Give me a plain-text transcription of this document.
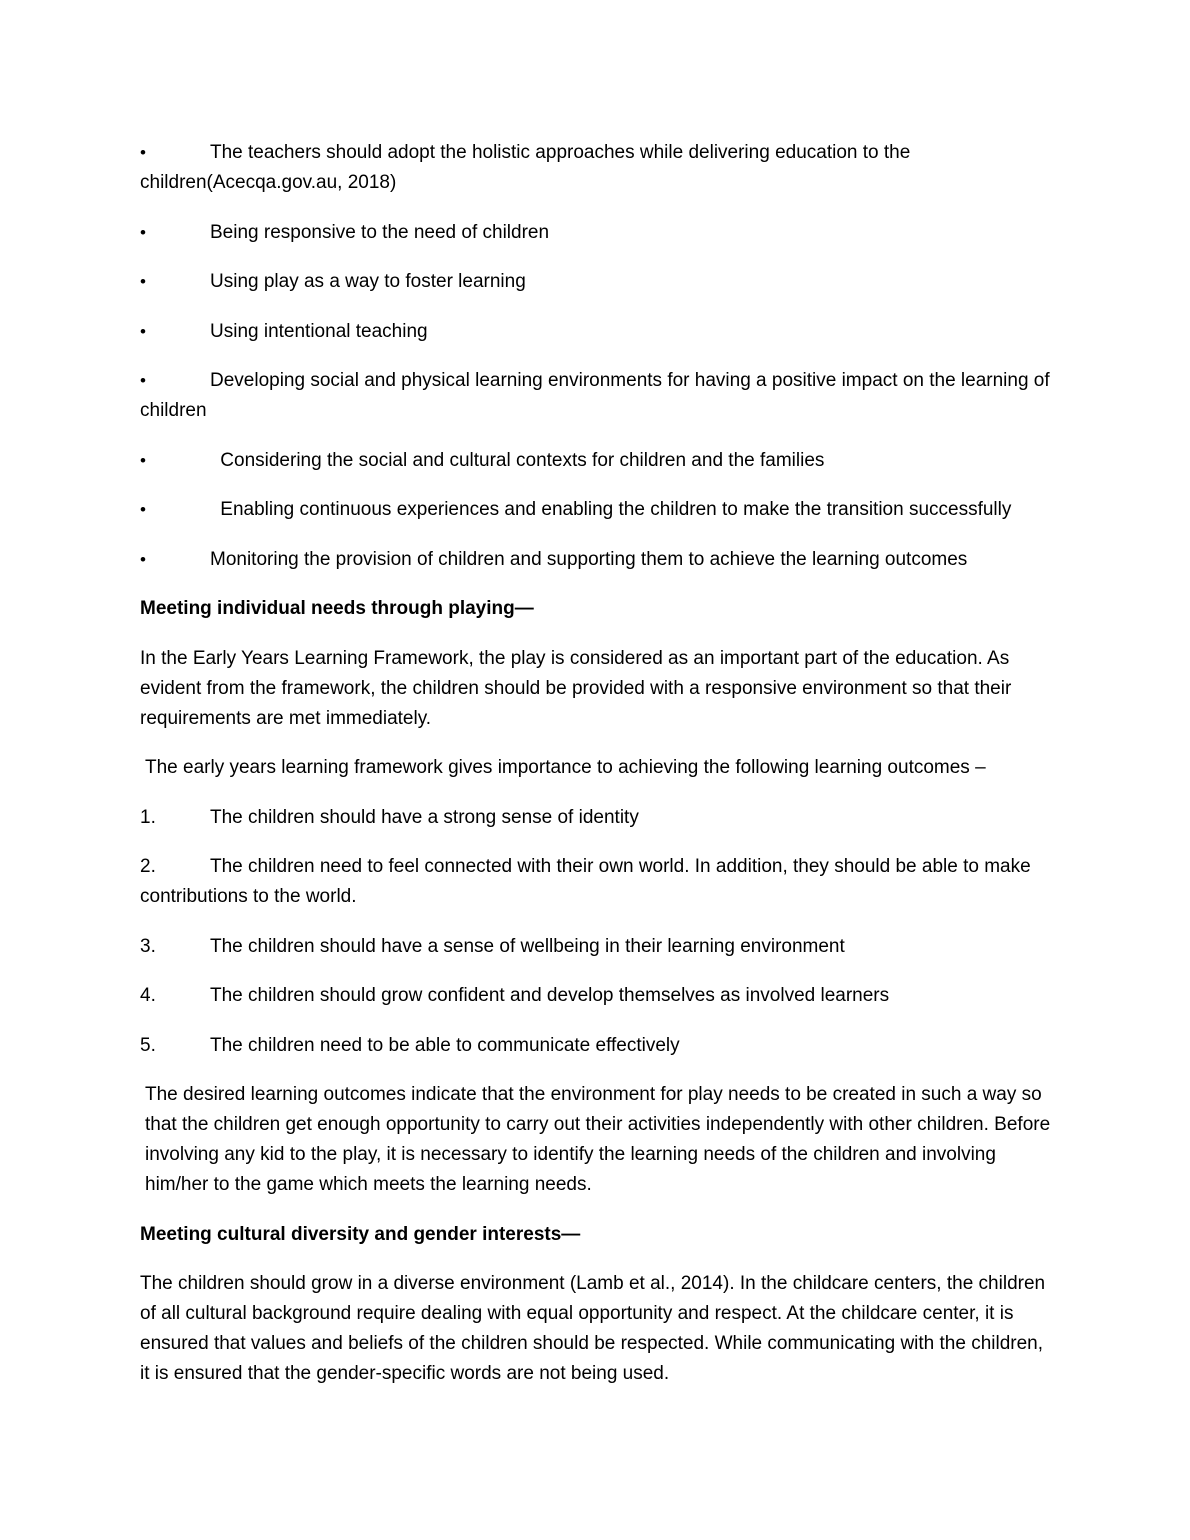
•	The teachers should adopt the holistic approaches while delivering education to the children(Acecqa.gov.au, 2018)
•	Being responsive to the need of children
•	Using play as a way to foster learning
•	Using intentional teaching
•	Developing social and physical learning environments for having a positive impact on the learning of children
•	Considering the social and cultural contexts for children and the families
•	Enabling continuous experiences and enabling the children to make the transition successfully
•	Monitoring the provision of children and supporting them to achieve the learning outcomes
Meeting individual needs through playing—

In the Early Years Learning Framework, the play is considered as an important part of the education. As evident from the framework, the children should be provided with a responsive environment so that their requirements are met immediately.

The early years learning framework gives importance to achieving the following learning outcomes –

1.	The children should have a strong sense of identity
2.	The children need to feel connected with their own world. In addition, they should be able to make contributions to the world.
3.	The children should have a sense of wellbeing in their learning environment
4.	The children should grow confident and develop themselves as involved learners
5.	The children need to be able to communicate effectively

The desired learning outcomes indicate that the environment for play needs to be created in such a way so that the children get enough opportunity to carry out their activities independently with other children. Before involving any kid to the play, it is necessary to identify the learning needs of the children and involving him/her to the game which meets the learning needs.

Meeting cultural diversity and gender interests—

The children should grow in a diverse environment (Lamb et al., 2014). In the childcare centers, the children of all cultural background require dealing with equal opportunity and respect. At the childcare center, it is ensured that values and beliefs of the children should be respected. While communicating with the children, it is ensured that the gender-specific words are not being used.
